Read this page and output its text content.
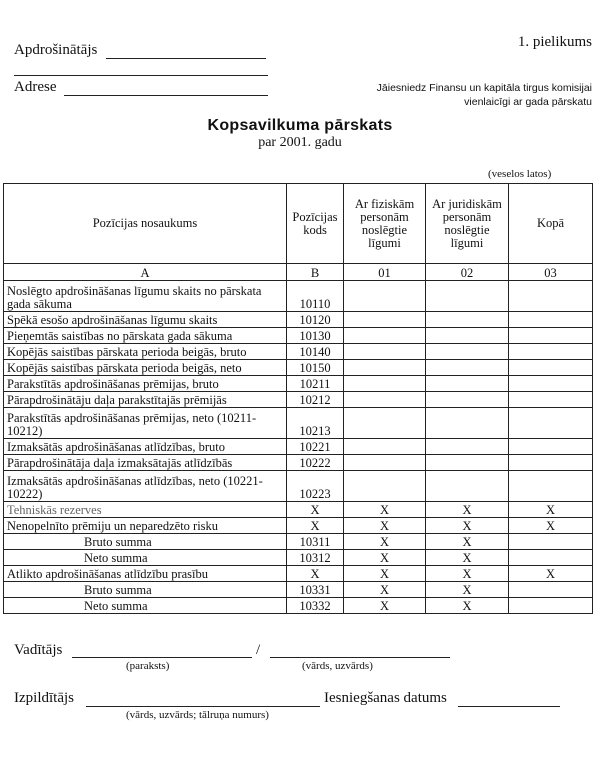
Apdrošinātājs
Adrese
1. pielikums
Jāiesniedz Finansu un kapitāla tirgus komisijai
vienlaicīgi ar gada pārskatu
Kopsavilkuma pārskats
par 2001. gadu
(veselos latos)
Pozīcijas nosaukums	Pozīcijas kods	Ar fiziskām personām noslēgtie līgumi	Ar juridiskām personām noslēgtie līgumi	Kopā
A	B	01	02	03
Noslēgto apdrošināšanas līgumu skaits no pārskata gada sākuma	10110			
Spēkā esošo apdrošināšanas līgumu skaits	10120			
Pieņemtās saistības no pārskata gada sākuma	10130			
Kopējās saistības pārskata perioda beigās, bruto	10140			
Kopējās saistības pārskata perioda beigās, neto	10150			
Parakstītās apdrošināšanas prēmijas, bruto	10211			
Pārapdrošinātāju daļa parakstītajās prēmijās	10212			
Parakstītās apdrošināšanas prēmijas, neto (10211-10212)	10213			
Izmaksātās apdrošināšanas atlīdzības, bruto	10221			
Pārapdrošinātāja daļa izmaksātajās atlīdzībās	10222			
Izmaksātās apdrošināšanas atlīdzības, neto (10221-10222)	10223			
Tehniskās rezerves	X	X	X	X
Nenopelnīto prēmiju un neparedzēto risku	X	X	X	X
Bruto summa	10311	X	X	
Neto summa	10312	X	X	
Atlikto apdrošināšanas atlīdzību prasību	X	X	X	X
Bruto summa	10331	X	X	
Neto summa	10332	X	X	
Vadītājs	/
(paraksts)	(vārds, uzvārds)
Izpildītājs	Iesniegšanas datums
(vārds, uzvārds; tālruņa numurs)
